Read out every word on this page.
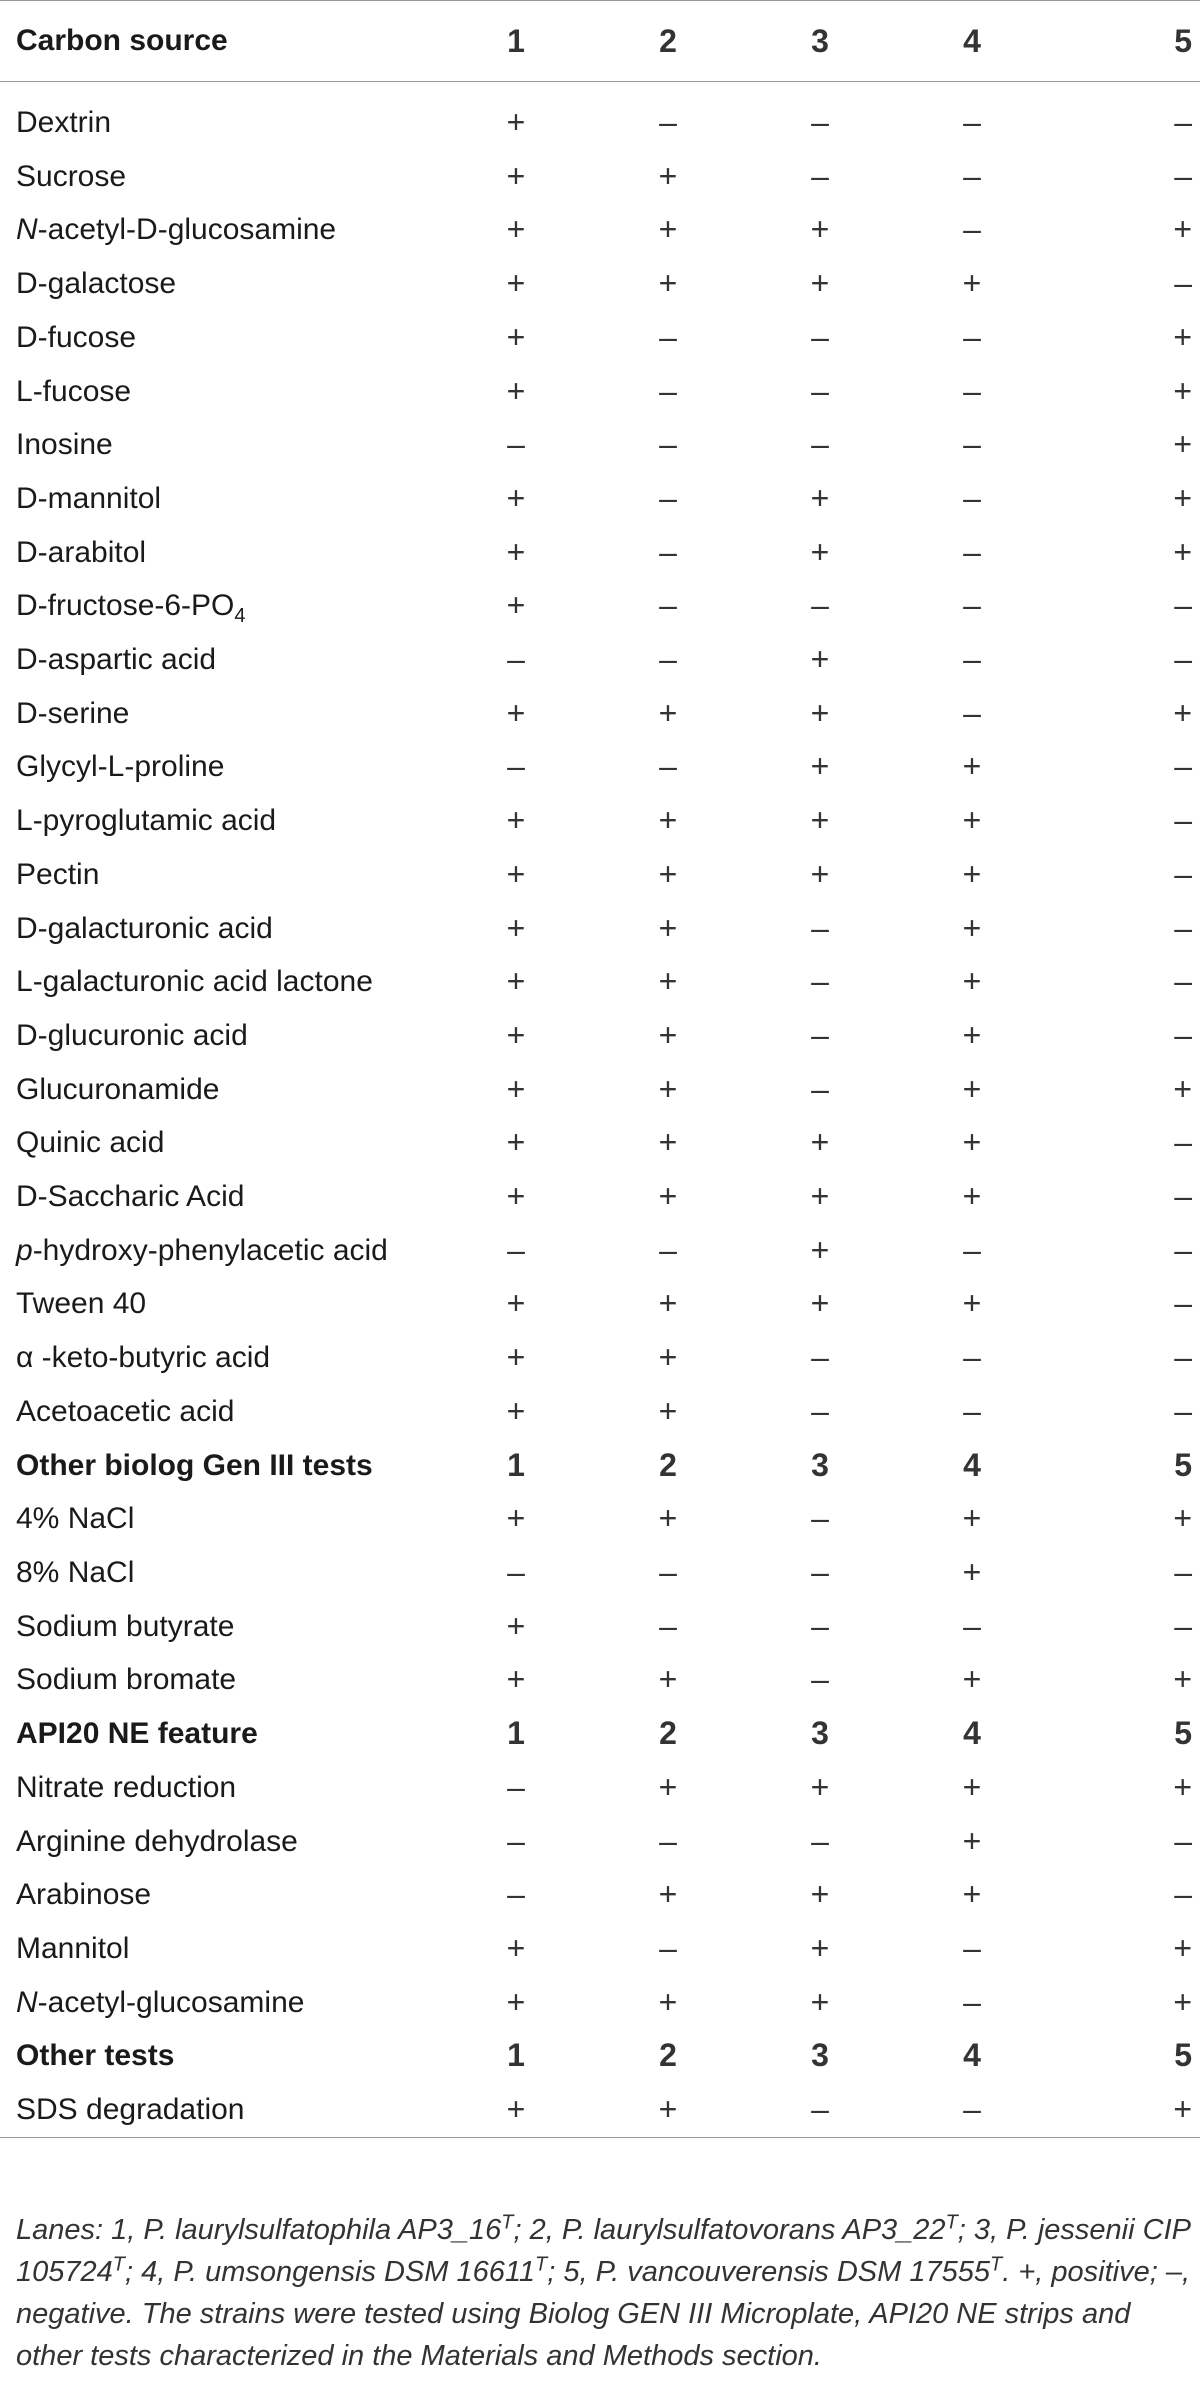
Carbon source	1	2	3	4	5

Dextrin	+	–	–	–	–
Sucrose	+	+	–	–	–
N-acetyl-D-glucosamine	+	+	+	–	+
D-galactose	+	+	+	+	–
D-fucose	+	–	–	–	+
L-fucose	+	–	–	–	+
Inosine	–	–	–	–	+
D-mannitol	+	–	+	–	+
D-arabitol	+	–	+	–	+
$D-fructose-6-PO_4$	+	–	–	–	–
D-aspartic acid	–	–	+	–	–
D-serine	+	+	+	–	+
Glycyl-L-proline	–	–	+	+	–
L-pyroglutamic acid	+	+	+	+	–
Pectin	+	+	+	+	–
D-galacturonic acid	+	+	–	+	–
L-galacturonic acid lactone	+	+	–	+	–
D-glucuronic acid	+	+	–	+	–
Glucuronamide	+	+	–	+	+
Quinic acid	+	+	+	+	–
D-Saccharic Acid	+	+	+	+	–
p-hydroxy-phenylacetic acid	–	–	+	–	–
Tween 40	+	+	+	+	–
α -keto-butyric acid	+	+	–	–	–
Acetoacetic acid	+	+	–	–	–
Other biolog Gen III tests	1	2	3	4	5
4% NaCl	+	+	–	+	+
8% NaCl	–	–	–	+	–
Sodium butyrate	+	–	–	–	–
Sodium bromate	+	+	–	+	+
API20 NE feature	1	2	3	4	5
Nitrate reduction	–	+	+	+	+
Arginine dehydrolase	–	–	–	+	–
Arabinose	–	+	+	+	–
Mannitol	+	–	+	–	+
N-acetyl-glucosamine	+	+	+	–	+
Other tests	1	2	3	4	5
SDS degradation	+	+	–	–	+

Lanes: 1, P. laurylsulfatophila $AP3\_16^T$; 2, P. laurylsulfatovorans $AP3\_22^T$; 3, P. jessenii CIP $105724^T$; 4, P. umsongensis DSM $16611^T$; 5, P. vancouverensis DSM $17555^T$. +, positive; –, negative. The strains were tested using Biolog GEN III Microplate, API20 NE strips and other tests characterized in the Materials and Methods section.
